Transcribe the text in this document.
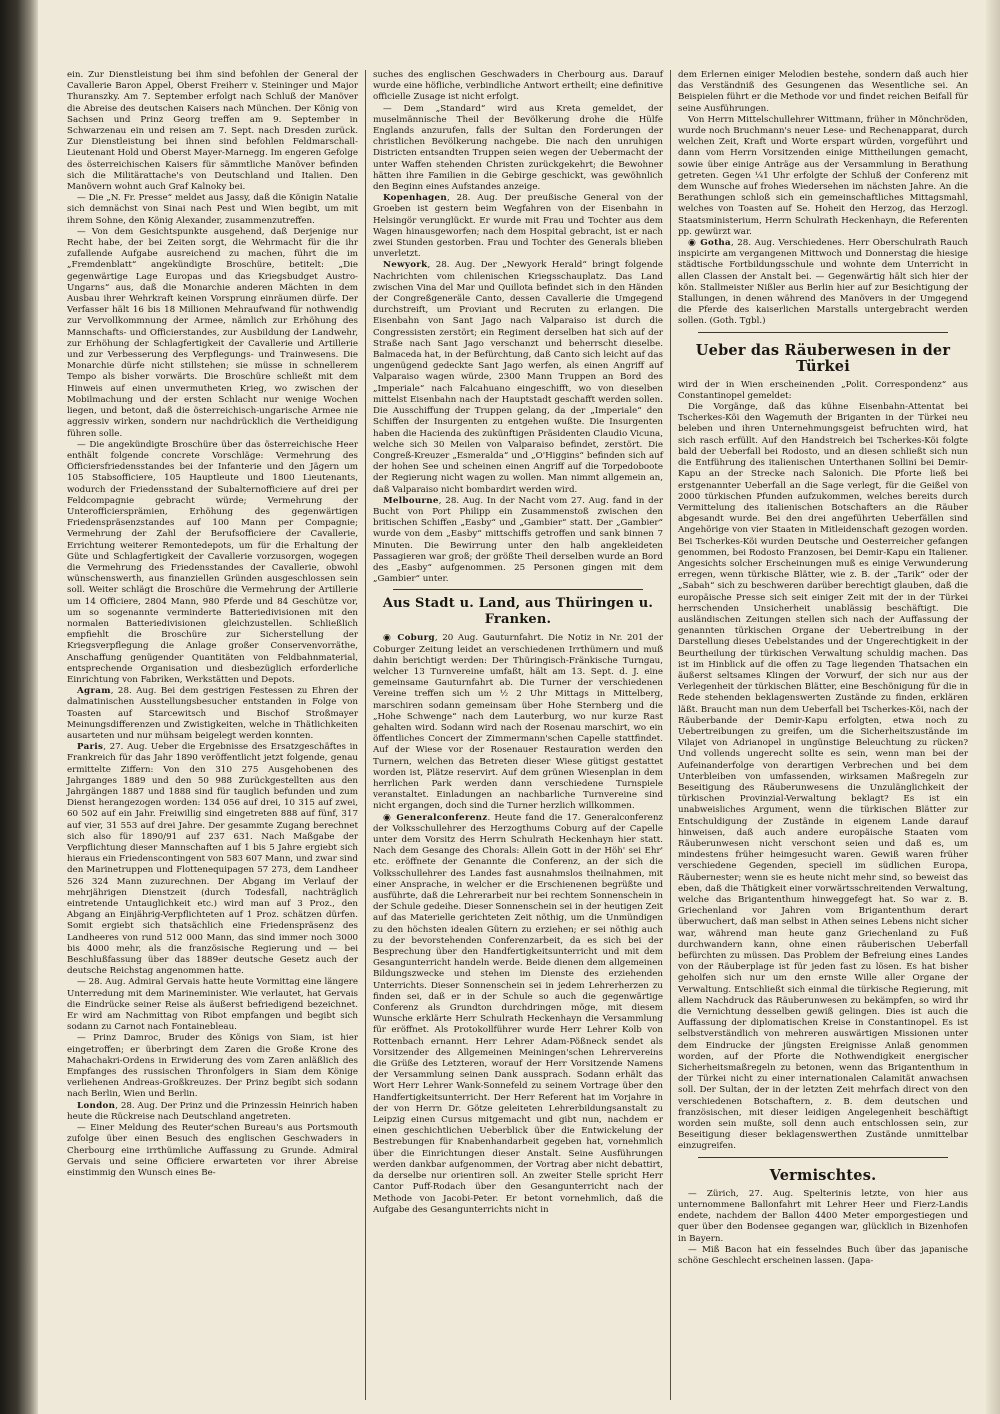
ein. Zur Dienstleistung bei ihm sind befohlen der General der Cavallerie Baron Appel, Oberst Freiherr v. Steininger und Major Thuranszky. Am 7. September erfolgt nach Schluß der Manöver die Abreise des deutschen Kaisers nach München. Der König von Sachsen und Prinz Georg treffen am 9. September in Schwarzenau ein und reisen am 7. Sept. nach Dresden zurück. Zur Dienstleistung bei ihnen sind befohlen Feldmarschall-Lieutenant Hold und Oberst Mayer-Marnegg. Im engeren Gefolge des österreichischen Kaisers für sämmtliche Manöver befinden sich die Militärattache's von Deutschland und Italien. Den Manövern wohnt auch Graf Kalnoky bei.

— Die „N. Fr. Presse“ meldet aus Jassy, daß die Königin Natalie sich demnächst von Sinai nach Pest und Wien begibt, um mit ihrem Sohne, den König Alexander, zusammenzutreffen.

— Von dem Gesichtspunkte ausgehend, daß Derjenige nur Recht habe, der bei Zeiten sorgt, die Wehrmacht für die ihr zufallende Aufgabe ausreichend zu machen, führt die im „Fremdenblatt“ angekündigte Broschüre, betitelt: „Die gegenwärtige Lage Europas und das Kriegsbudget Austro-Ungarns“ aus, daß die Monarchie anderen Mächten in dem Ausbau ihrer Wehrkraft keinen Vorsprung einräumen dürfe. Der Verfasser hält 16 bis 18 Millionen Mehraufwand für nothwendig zur Vervollkommnung der Armee, nämlich zur Erhöhung des Mannschafts- und Officierstandes, zur Ausbildung der Landwehr, zur Erhöhung der Schlagfertigkeit der Cavallerie und Artillerie und zur Verbesserung des Verpflegungs- und Trainwesens. Die Monarchie dürfe nicht stillstehen; sie müsse in schnellerem Tempo als bisher vorwärts. Die Broschüre schließt mit dem Hinweis auf einen unvermutheten Krieg, wo zwischen der Mobilmachung und der ersten Schlacht nur wenige Wochen liegen, und betont, daß die österreichisch-ungarische Armee nie aggressiv wirken, sondern nur nachdrücklich die Vertheidigung führen solle.

— Die angekündigte Broschüre über das österreichische Heer enthält folgende concrete Vorschläge: Vermehrung des Officiersfriedensstandes bei der Infanterie und den Jägern um 105 Stabsofficiere, 105 Hauptleute und 1800 Lieutenants, wodurch der Friedensstand der Subalternofficiere auf drei per Feldcompagnie gebracht würde; Vermehrung der Unterofficiersprämien, Erhöhung des gegenwärtigen Friedenspräsenzstandes auf 100 Mann per Compagnie; Vermehrung der Zahl der Berufsofficiere der Cavallerie, Errichtung weiterer Remontedepots, um für die Erhaltung der Güte und Schlagfertigkeit der Cavallerie vorzusorgen, wogegen die Vermehrung des Friedensstandes der Cavallerie, obwohl wünschenswerth, aus finanziellen Gründen ausgeschlossen sein soll. Weiter schlägt die Broschüre die Vermehrung der Artillerie um 14 Officiere, 2804 Mann, 980 Pferde und 84 Geschütze vor, um so sogenannte verminderte Batteriedivisionen mit den normalen Batteriedivisionen gleichzustellen. Schließlich empfiehlt die Broschüre zur Sicherstellung der Kriegsverpflegung die Anlage großer Conservenvorräthe, Anschaffung genügender Quantitäten von Feldbahnmaterial, entsprechende Organisation und diesbezüglich erforderliche Einrichtung von Fabriken, Werkstätten und Depots.

Agram, 28. Aug. Bei dem gestrigen Festessen zu Ehren der dalmatinischen Ausstellungsbesucher entstanden in Folge von Toasten auf Starcewitsch und Bischof Stroßmayer Meinungsdifferenzen und Zwistigkeiten, welche in Thätlichkeiten ausarteten und nur mühsam beigelegt werden konnten.

Paris, 27. Aug. Ueber die Ergebnisse des Ersatzgeschäftes in Frankreich für das Jahr 1890 veröffentlicht jetzt folgende, genau ermittelte Ziffern: Von den 310 275 Ausgehobenen des Jahrganges 1889 und den 50 988 Zurückgestellten aus den Jahrgängen 1887 und 1888 sind für tauglich befunden und zum Dienst herangezogen worden: 134 056 auf drei, 10 315 auf zwei, 60 502 auf ein Jahr. Freiwillig sind eingetreten 888 auf fünf, 317 auf vier, 31 553 auf drei Jahre. Der gesammte Zugang berechnet sich also für 1890/91 auf 237 631. Nach Maßgabe der Verpflichtung dieser Mannschaften auf 1 bis 5 Jahre ergiebt sich hieraus ein Friedenscontingent von 583 607 Mann, und zwar sind den Marinetruppen und Flottenequipagen 57 273, dem Landheer 526 324 Mann zuzurechnen. Der Abgang im Verlauf der mehrjährigen Dienstzeit (durch Todesfall, nachträglich eintretende Untauglichkeit etc.) wird man auf 3 Proz., den Abgang an Einjährig-Verpflichteten auf 1 Proz. schätzen dürfen. Somit ergiebt sich thatsächlich eine Friedenspräsenz des Landheeres von rund 512 000 Mann, das sind immer noch 3000 bis 4000 mehr, als die französische Regierung und — bei Beschlußfassung über das 1889er deutsche Gesetz auch der deutsche Reichstag angenommen hatte.

— 28. Aug. Admiral Gervais hatte heute Vormittag eine längere Unterredung mit dem Marineminister. Wie verlautet, hat Gervais die Eindrücke seiner Reise als äußerst befriedigend bezeichnet. Er wird am Nachmittag von Ribot empfangen und begibt sich sodann zu Carnot nach Fontainebleau.

— Prinz Damroc, Bruder des Königs von Siam, ist hier eingetroffen; er überbringt dem Zaren die Große Krone des Mahachakri-Ordens in Erwiderung des vom Zaren anläßlich des Empfanges des russischen Thronfolgers in Siam dem Könige verliehenen Andreas-Großkreuzes. Der Prinz begibt sich sodann nach Berlin, Wien und Berlin.

London, 28. Aug. Der Prinz und die Prinzessin Heinrich haben heute die Rückreise nach Deutschland angetreten.

— Einer Meldung des Reuter'schen Bureau's aus Portsmouth zufolge über einen Besuch des englischen Geschwaders in Cherbourg eine irrthümliche Auffassung zu Grunde. Admiral Gervais und seine Officiere erwarteten vor ihrer Abreise einstimmig den Wunsch eines Be-

suches des englischen Geschwaders in Cherbourg aus. Darauf wurde eine höfliche, verbindliche Antwort ertheilt; eine definitive officielle Zusage ist nicht erfolgt.

— Dem „Standard“ wird aus Kreta gemeldet, der muselmännische Theil der Bevölkerung drohe die Hülfe Englands anzurufen, falls der Sultan den Forderungen der christlichen Bevölkerung nachgebe. Die nach den unruhigen Districten entsandten Truppen seien wegen der Uebermacht der unter Waffen stehenden Christen zurückgekehrt; die Bewohner hätten ihre Familien in die Gebirge geschickt, was gewöhnlich den Beginn eines Aufstandes anzeige.

Kopenhagen, 28. Aug. Der preußische General von der Groeben ist gestern beim Wegfahren von der Eisenbahn in Helsingör verunglückt. Er wurde mit Frau und Tochter aus dem Wagen hinausgeworfen; nach dem Hospital gebracht, ist er nach zwei Stunden gestorben. Frau und Tochter des Generals blieben unverletzt.

Newyork, 28. Aug. Der „Newyork Herald“ bringt folgende Nachrichten vom chilenischen Kriegsschauplatz. Das Land zwischen Vina del Mar und Quillota befindet sich in den Händen der Congreßgeneräle Canto, dessen Cavallerie die Umgegend durchstreift, um Proviant und Recruten zu erlangen. Die Eisenbahn von Sant Jago nach Valparaiso ist durch die Congressisten zerstört; ein Regiment derselben hat sich auf der Straße nach Sant Jago verschanzt und beherrscht dieselbe. Balmaceda hat, in der Befürchtung, daß Canto sich leicht auf das ungenügend gedeckte Sant Jago werfen, als einen Angriff auf Valparaiso wagen würde, 2300 Mann Truppen an Bord des „Imperiale“ nach Falcahuano eingeschifft, wo von dieselben mittelst Eisenbahn nach der Hauptstadt geschafft werden sollen. Die Ausschiffung der Truppen gelang, da der „Imperiale“ den Schiffen der Insurgenten zu entgehen wußte. Die Insurgenten haben die Hacienda des zukünftigen Präsidenten Claudio Vicuna, welche sich 30 Meilen von Valparaiso befindet, zerstört. Die Congreß-Kreuzer „Esmeralda“ und „O'Higgins“ befinden sich auf der hohen See und scheinen einen Angriff auf die Torpedoboote der Regierung nicht wagen zu wollen. Man nimmt allgemein an, daß Valparaiso nicht bombardirt werden wird.

Melbourne, 28. Aug. In der Nacht vom 27. Aug. fand in der Bucht von Port Philipp ein Zusammenstoß zwischen den britischen Schiffen „Easby“ und „Gambier“ statt. Der „Gambier“ wurde von dem „Easby“ mittschiffs getroffen und sank binnen 7 Minuten. Die Bewirrung unter den halb angekleideten Passagieren war groß; der größte Theil derselben wurde an Bord des „Easby“ aufgenommen. 25 Personen gingen mit dem „Gambier“ unter.

Aus Stadt u. Land, aus Thüringen u. Franken.

◉ Coburg, 20 Aug. Gauturnfahrt. Die Notiz in Nr. 201 der Coburger Zeitung leidet an verschiedenen Irrthümern und muß dahin berichtigt werden: Der Thüringisch-Fränkische Turngau, welcher 13 Turnvereine umfaßt, hält am 13. Sept. d. J. eine gemeinsame Gauturnfahrt ab. Die Turner der verschiedenen Vereine treffen sich um ½ 2 Uhr Mittags in Mittelberg, marschiren sodann gemeinsam über Hohe Sternberg und die „Hohe Schwenge“ nach dem Lauterburg, wo nur kurze Rast gehalten wird. Sodann wird nach der Rosenau marschirt, wo ein öffentliches Concert der Zimmermann'schen Capelle stattfindet. Auf der Wiese vor der Rosenauer Restauration werden den Turnern, welchen das Betreten dieser Wiese gütigst gestattet worden ist, Plätze reservirt. Auf dem grünen Wiesenplan in dem herrlichen Park werden dann verschiedene Turnspiele veranstaltet. Einladungen an nachbarliche Turnvereine sind nicht ergangen, doch sind die Turner herzlich willkommen.

◉ Generalconferenz. Heute fand die 17. Generalconferenz der Volksschullehrer des Herzogthums Coburg auf der Capelle unter dem Vorsitz des Herrn Schulrath Heckenhayn hier statt. Nach dem Gesange des Chorals: Allein Gott in der Höh' sei Ehr' etc. eröffnete der Genannte die Conferenz, an der sich die Volksschullehrer des Landes fast ausnahmslos theilnahmen, mit einer Ansprache, in welcher er die Erschienenen begrüßte und ausführte, daß die Lehrerarbeit nur bei rechtem Sonnenschein in der Schule gedeihe. Dieser Sonnenschein sei in der heutigen Zeit auf das Materielle gerichteten Zeit nöthig, um die Unmündigen zu den höchsten idealen Gütern zu erziehen; er sei nöthig auch zu der bevorstehenden Conferenzarbeit, da es sich bei der Besprechung über den Handfertigkeitsunterricht und mit dem Gesangunterricht handeln werde. Beide dienen dem allgemeinen Bildungszwecke und stehen im Dienste des erziehenden Unterrichts. Dieser Sonnenschein sei in jedem Lehrerherzen zu finden sei, daß er in der Schule so auch die gegenwärtige Conferenz als Grundton durchdringen möge, mit diesem Wunsche erklärte Herr Schulrath Heckenhayn die Versammlung für eröffnet. Als Protokollführer wurde Herr Lehrer Kolb von Rottenbach ernannt. Herr Lehrer Adam-Pößneck sendet als Vorsitzender des Allgemeinen Meiningen'schen Lehrervereins die Grüße des Letzteren, worauf der Herr Vorsitzende Namens der Versammlung seinen Dank aussprach. Sodann erhält das Wort Herr Lehrer Wank-Sonnefeld zu seinem Vortrage über den Handfertigkeitsunterricht. Der Herr Referent hat im Vorjahre in der von Herrn Dr. Götze geleiteten Lehrerbildungsanstalt zu Leipzig einen Cursus mitgemacht und gibt nun, nachdem er einen geschichtlichen Ueberblick über die Entwickelung der Bestrebungen für Knabenhandarbeit gegeben hat, vornehmlich über die Einrichtungen dieser Anstalt. Seine Ausführungen werden dankbar aufgenommen, der Vortrag aber nicht debattirt, da derselbe nur orientiren soll. An zweiter Stelle spricht Herr Cantor Puff-Rodach über den Gesangunterricht nach der Methode von Jacobi-Peter. Er betont vornehmlich, daß die Aufgabe des Gesangunterrichts nicht in

dem Erlernen einiger Melodien bestehe, sondern daß auch hier das Verständniß des Gesungenen das Wesentliche sei. An Beispielen führt er die Methode vor und findet reichen Beifall für seine Ausführungen.

Von Herrn Mittelschullehrer Wittmann, früher in Mönchröden, wurde noch Bruchmann's neuer Lese- und Rechenapparat, durch welchen Zeit, Kraft und Worte erspart würden, vorgeführt und dann vom Herrn Vorsitzenden einige Mittheilungen gemacht, sowie über einige Anträge aus der Versammlung in Berathung getreten. Gegen ¼1 Uhr erfolgte der Schluß der Conferenz mit dem Wunsche auf frohes Wiedersehen im nächsten Jahre. An die Berathungen schloß sich ein gemeinschaftliches Mittagsmahl, welches von Toasten auf Se. Hoheit den Herzog, das Herzogl. Staatsministerium, Herrn Schulrath Heckenhayn, die Referenten pp. gewürzt war.

◉ Gotha, 28. Aug. Verschiedenes. Herr Oberschulrath Rauch inspicirte am vergangenen Mittwoch und Donnerstag die hiesige städtische Fortbildungsschule und wohnte dem Unterricht in allen Classen der Anstalt bei. — Gegenwärtig hält sich hier der kön. Stallmeister Nißler aus Berlin hier auf zur Besichtigung der Stallungen, in denen während des Manövers in der Umgegend die Pferde des kaiserlichen Marstalls untergebracht werden sollen. (Goth. Tgbl.)

Ueber das Räuberwesen in der Türkei

wird der in Wien erscheinenden „Polit. Correspondenz“ aus Constantinopel gemeldet:

Die Vorgänge, daß das kühne Eisenbahn-Attentat bei Tscherkes-Köi den Wagemuth der Briganten in der Türkei neu beleben und ihren Unternehmungsgeist befruchten wird, hat sich rasch erfüllt. Auf den Handstreich bei Tscherkes-Köi folgte bald der Ueberfall bei Rodosto, und an diesen schließt sich nun die Entführung des italienischen Unterthanen Sollini bei Demir-Kapu an der Strecke nach Salonich. Die Pforte ließ bei erstgenannter Ueberfall an die Sage verlegt, für die Geißel von 2000 türkischen Pfunden aufzukommen, welches bereits durch Vermittelung des italienischen Botschafters an die Räuber abgesandt wurde. Bei den drei angeführten Ueberfällen sind Angehörige von vier Staaten in Mitleidenschaft gezogen worden. Bei Tscherkes-Köi wurden Deutsche und Oesterreicher gefangen genommen, bei Rodosto Franzosen, bei Demir-Kapu ein Italiener. Angesichts solcher Erscheinungen muß es einige Verwunderung erregen, wenn türkische Blätter, wie z. B. der „Tarik“ oder der „Sabah“ sich zu beschweren darüber berechtigt glauben, daß die europäische Presse sich seit einiger Zeit mit der in der Türkei herrschenden Unsicherheit unablässig beschäftigt. Die ausländischen Zeitungen stellen sich nach der Auffassung der genannten türkischen Organe der Uebertreibung in der Darstellung dieses Uebelstandes und der Ungerechtigkeit in der Beurtheilung der türkischen Verwaltung schuldig machen. Das ist im Hinblick auf die offen zu Tage liegenden Thatsachen ein äußerst seltsames Klingen der Vorwurf, der sich nur aus der Verlegenheit der türkischen Blätter, eine Beschönigung für die in Rede stehenden beklagenswerten Zustände zu finden, erklären läßt. Braucht man nun dem Ueberfall bei Tscherkes-Köi, nach der Räuberbande der Demir-Kapu erfolgten, etwa noch zu Uebertreibungen zu greifen, um die Sicherheitszustände im Vilajet von Adrianopel in ungünstige Beleuchtung zu rücken? Und vollends ungerecht sollte es sein, wenn man bei der Aufeinanderfolge von derartigen Verbrechen und bei dem Unterbleiben von umfassenden, wirksamen Maßregeln zur Beseitigung des Räuberunwesens die Unzulänglichkeit der türkischen Provinzial-Verwaltung beklagt? Es ist ein unabweisliches Argument, wenn die türkischen Blätter zur Entschuldigung der Zustände in eigenem Lande darauf hinweisen, daß auch andere europäische Staaten vom Räuberunwesen nicht verschont seien und daß es, um mindestens früher heimgesucht waren. Gewiß waren früher verschiedene Gegenden, speciell im südlichen Europa, Räubernester; wenn sie es heute nicht mehr sind, so beweist das eben, daß die Thätigkeit einer vorwärtsschreitenden Verwaltung, welche das Brigantenthum hinweggefegt hat. So war z. B. Griechenland vor Jahren vom Brigantenthum derart überwuchert, daß man selbst in Athen seines Lebens nicht sicher war, während man heute ganz Griechenland zu Fuß durchwandern kann, ohne einen räuberischen Ueberfall befürchten zu müssen. Das Problem der Befreiung eines Landes von der Räuberplage ist für jeden fast zu lösen. Es hat bisher geholfen sich nur um den ernste Wille aller Organe der Verwaltung. Entschließt sich einmal die türkische Regierung, mit allem Nachdruck das Räuberunwesen zu bekämpfen, so wird ihr die Vernichtung desselben gewiß gelingen. Dies ist auch die Auffassung der diplomatischen Kreise in Constantinopel. Es ist selbstverständlich von mehreren auswärtigen Missionen unter dem Eindrucke der jüngsten Ereignisse Anlaß genommen worden, auf der Pforte die Nothwendigkeit energischer Sicherheitsmaßregeln zu betonen, wenn das Brigantenthum in der Türkei nicht zu einer internationalen Calamität anwachsen soll. Der Sultan, der in der letzten Zeit mehrfach direct von den verschiedenen Botschaftern, z. B. dem deutschen und französischen, mit dieser leidigen Angelegenheit beschäftigt worden sein mußte, soll denn auch entschlossen sein, zur Beseitigung dieser beklagenswerthen Zustände unmittelbar einzugreifen.

Vermischtes.

— Zürich, 27. Aug. Spelterinis letzte, von hier aus unternommene Ballonfahrt mit Lehrer Heer und Fierz-Landis endete, nachdem der Ballon 4400 Meter emporgestiegen und quer über den Bodensee gegangen war, glücklich in Bizenhofen in Bayern.

— Miß Bacon hat ein fesselndes Buch über das japanische schöne Geschlecht erscheinen lassen. (Japa-
